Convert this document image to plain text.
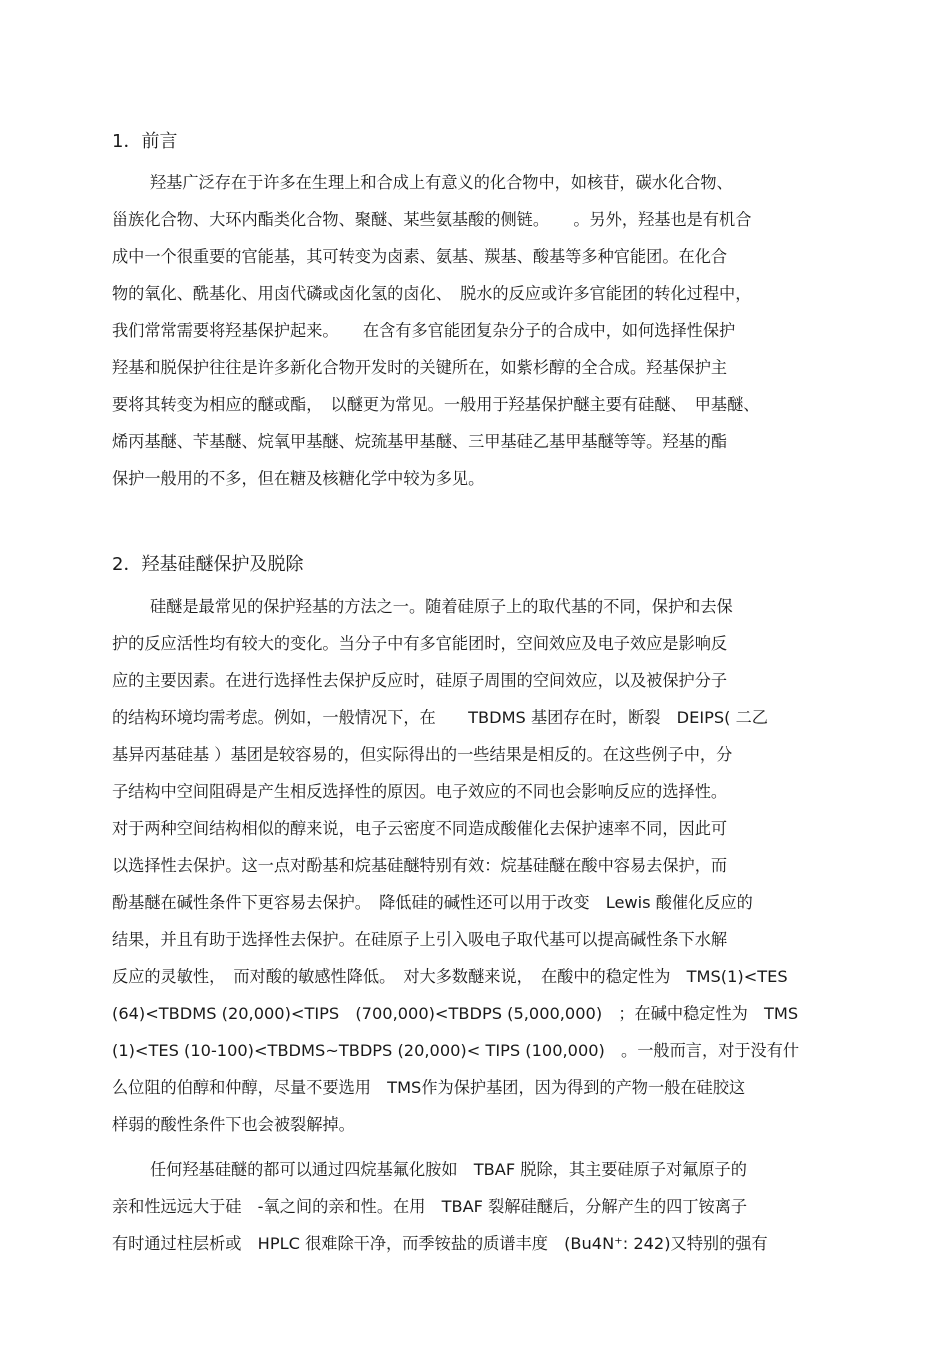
1．前言
羟基广泛存在于许多在生理上和合成上有意义的化合物中，如核苷，碳水化合物、
甾族化合物、大环内酯类化合物、聚醚、某些氨基酸的侧链。　　。另外，羟基也是有机合
成中一个很重要的官能基，其可转变为卤素、氨基、羰基、酸基等多种官能团。在化合
物的氧化、酰基化、用卤代磷或卤化氢的卤化、　脱水的反应或许多官能团的转化过程中，
我们常常需要将羟基保护起来。　　在含有多官能团复杂分子的合成中，如何选择性保护
羟基和脱保护往往是许多新化合物开发时的关键所在，如紫杉醇的全合成。羟基保护主
要将其转变为相应的醚或酯，　以醚更为常见。一般用于羟基保护醚主要有硅醚、　甲基醚、
烯丙基醚、苄基醚、烷氧甲基醚、烷巯基甲基醚、三甲基硅乙基甲基醚等等。羟基的酯
保护一般用的不多，但在糖及核糖化学中较为多见。
2．羟基硅醚保护及脱除
硅醚是最常见的保护羟基的方法之一。随着硅原子上的取代基的不同，保护和去保
护的反应活性均有较大的变化。当分子中有多官能团时，空间效应及电子效应是影响反
应的主要因素。在进行选择性去保护反应时，硅原子周围的空间效应，以及被保护分子
的结构环境均需考虑。例如，一般情况下，在　　TBDMS 基团存在时，断裂　DEIPS( 二乙
基异丙基硅基 ）基团是较容易的，但实际得出的一些结果是相反的。在这些例子中，分
子结构中空间阻碍是产生相反选择性的原因。电子效应的不同也会影响反应的选择性。
对于两种空间结构相似的醇来说，电子云密度不同造成酸催化去保护速率不同，因此可
以选择性去保护。这一点对酚基和烷基硅醚特别有效：烷基硅醚在酸中容易去保护，而
酚基醚在碱性条件下更容易去保护。　降低硅的碱性还可以用于改变　Lewis 酸催化反应的
结果，并且有助于选择性去保护。在硅原子上引入吸电子取代基可以提高碱性条下水解
反应的灵敏性，　而对酸的敏感性降低。　对大多数醚来说，　在酸中的稳定性为　TMS(1)<TES
(64)<TBDMS (20,000)<TIPS　(700,000)<TBDPS (5,000,000)　；在碱中稳定性为　TMS
(1)<TES (10-100)<TBDMS~TBDPS (20,000)< TIPS (100,000)　。一般而言，对于没有什
么位阻的伯醇和仲醇，尽量不要选用　TMS作为保护基团，因为得到的产物一般在硅胶这
样弱的酸性条件下也会被裂解掉。
任何羟基硅醚的都可以通过四烷基氟化胺如　TBAF 脱除，其主要硅原子对氟原子的
亲和性远远大于硅　-氧之间的亲和性。在用　TBAF 裂解硅醚后，分解产生的四丁铵离子
有时通过柱层析或　HPLC 很难除干净，而季铵盐的质谱丰度　(Bu4N⁺: 242)又特别的强有
